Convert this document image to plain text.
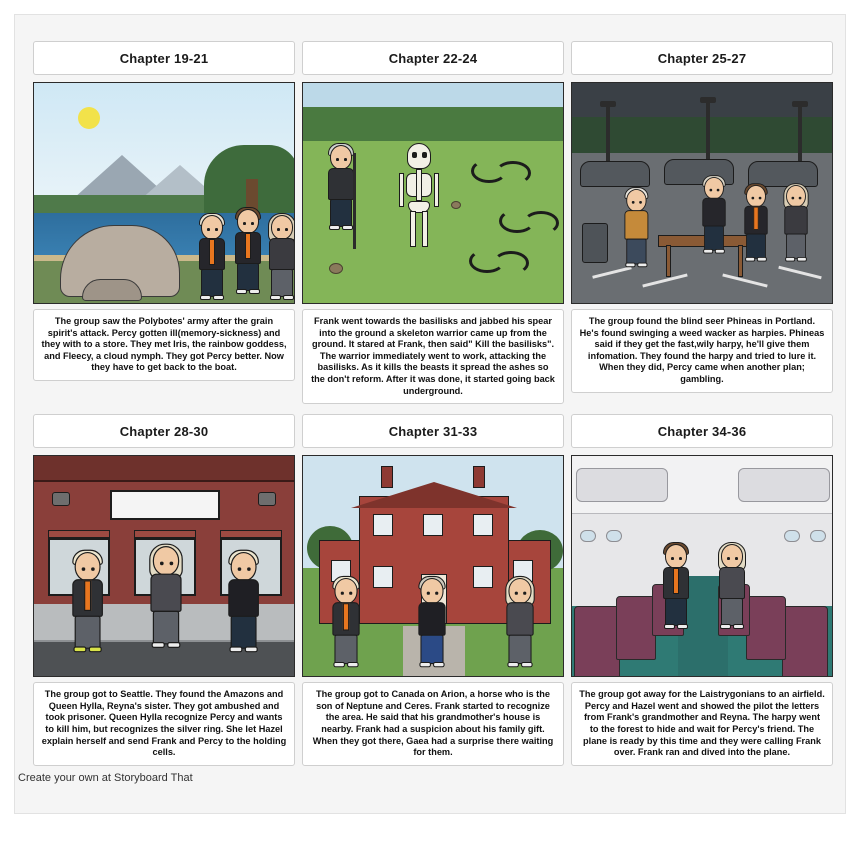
Chapter 19-21
The group saw the Polybotes' army after the grain spirit's attack. Percy gotten ill(memory-sickness) and they with to a store. They met Iris, the rainbow goddess, and Fleecy, a cloud nymph. They got Percy better. Now they have to get back to the boat.
Chapter 22-24
Frank went towards the basilisks and jabbed his spear into the ground a skeleton warrior came up from the ground. It stared at Frank, then said" Kill the basilisks". The warrior immediately went to work, attacking the basilisks. As it kills the beasts it spread the ashes so the don't reform. After it was done, it started going back underground.
Chapter 25-27
The group found the blind seer Phineas in Portland. He's found swinging a weed wacker as harpies. Phineas said if they get the fast,wily harpy, he'll give them infomation. They found the harpy and tried to lure it. When they did, Percy came when another plan; gambling.
Chapter 28-30
The group got to Seattle. They found the Amazons and Queen Hylla, Reyna's sister. They got ambushed and took prisoner. Queen Hylla recognize Percy and wants to kill him, but recognizes the silver ring. She let Hazel explain herself and send Frank and Percy to the holding cells.
Chapter 31-33
The group got to Canada on Arion, a horse who is the son of Neptune and Ceres. Frank started to recognize the area. He said that his grandmother's house is nearby. Frank had a suspicion about his family gift. When they got there, Gaea had a surprise there waiting for them.
Chapter 34-36
The group got away for the Laistrygonians to an airfield. Percy and Hazel went and showed the pilot the letters from Frank's grandmother and Reyna. The harpy went to the forest to hide and wait for Percy's friend. The plane is ready by this time and they were calling Frank over. Frank ran and dived into the plane.
Create your own at Storyboard That
